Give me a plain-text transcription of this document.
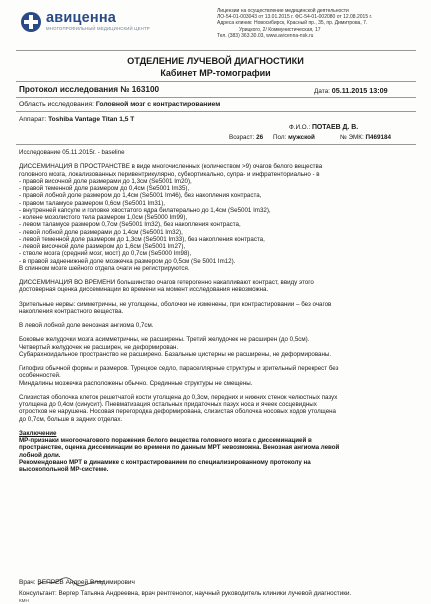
авиценна
МНОГОПРОФИЛЬНЫЙ МЕДИЦИНСКИЙ ЦЕНТР
Лицензии на осуществление медицинской деятельности
ЛО-54-01-003043 от 13.01.2015 г. ФС-54-01-002080 от 12.08.2015 г.
Адреса клиник: Новосибирск, Красный пр., 35, пр. Димитрова, 7.
Урицкого, 2/ Коммунистическая, 17
Тел. (383) 363.30.03, www.avicenna-nsk.ru
ОТДЕЛЕНИЕ ЛУЧЕВОЙ ДИАГНОСТИКИ
Кабинет МР-томографии
Протокол исследования № 163100	Дата: 05.11.2015 13:09
Область исследования: Головной мозг с контрастированием
Аппарат: Toshiba Vantage Titan 1,5 T
Ф.И.О.: ПОТАЕВ Д. В.
Возраст: 26 Пол: мужской	№ ЭМК: П469184

Исследование 05.11.2015г. - baseline

ДИССЕМИНАЦИЯ В ПРОСТРАНСТВЕ в виде многочисленных (количеством >9) очагов белого вещества

головного мозга, локализованных перивентрикулярно, субкортикально, супра- и инфратенториально - в

- правой височной доле размерами до 1,3см (Se5001 Im20),

- правой теменной доле размером до 0,4см (Se5001 Im35),

- правой лобной доле размером до 1,4см (Se5001 Im46), без накопления контраста,

- правом таламусе размером 0,6см (Se5001 Im31),

- внутренней капсуле и головке хвостатого ядра билатерально до 1,4см (Se5001 Im32),

- колене мозолистого тела размером 1,0см (Se5000 Im99),

- левом таламусе размером 0,7см (Se5001 Im32), без накопления контраста,

- левой лобной доле размерами до 1,4см (Se5001 Im32),

- левой теменной доле размером до 1,3см (Se5001 Im33), без накопления контраста,

- левой височной доле размером до 1,6см (Se5001 Im27),

- стволе мозга (средний мозг, мост) до 0,7см (Se5000 Im98),

- в правой задненижней доле мозжечка размером до 0,5см (Se 5001 Im12).

В спинном мозге шейного отдела очаги не регистрируются.

ДИССЕМИНАЦИЯ ВО ВРЕМЕНИ большинство очагов гетерогенно накапливают контраст, ввиду этого

достоверная оценка диссеминации во времени на момент исследования невозможна.

Зрительные нервы: симметричны, не утолщены, оболочки не изменены, при контрастировании – без очагов

накопления контрастного вещества.

В левой лобной доле венозная ангиома 0,7см.

Боковые желудочки мозга асимметричны, не расширены. Третий желудочек не расширен (до 0,5см).

Четвертый желудочек не расширен, не деформирован.

Субарахноидальное пространство не расширено. Базальные цистерны не расширены, не деформированы.

Гипофиз обычной формы и размеров. Турецкое седло, парaселлярные структуры и зрительный перекрест без

особенностей.

Миндалины мозжечка расположены обычно. Срединные структуры не смещены.

Слизистая оболочка клеток решетчатой кости утолщена до 0,3см, передних и нижних стенок челюстных пазух

утолщена до 0,4см (синусит). Пневматизация остальных придаточных пазух носа и ячеек сосцевидных

отростков не нарушена. Носовая перегородка деформирована, слизистая оболочка носовых ходов утолщена

до 0,7см, больше в задних отделах.

Заключение

МР-признаки многоочагового поражения белого вещества головного мозга с диссеминацией в

пространстве, оценка диссеминации во времени по данным МРТ невозможна. Венозная ангиома левой

лобной доли.

Рекомендовано МРТ в динамике с контрастированием по специализированному протоколу на

высокопольной МР-системе.

Врач: ВЕПРЕВ Андрей Владимирович
Консультант: Вергер Татьяна Андреевна, врач рентгенолог, научный руководитель клиники лучевой диагностики.
КМН
